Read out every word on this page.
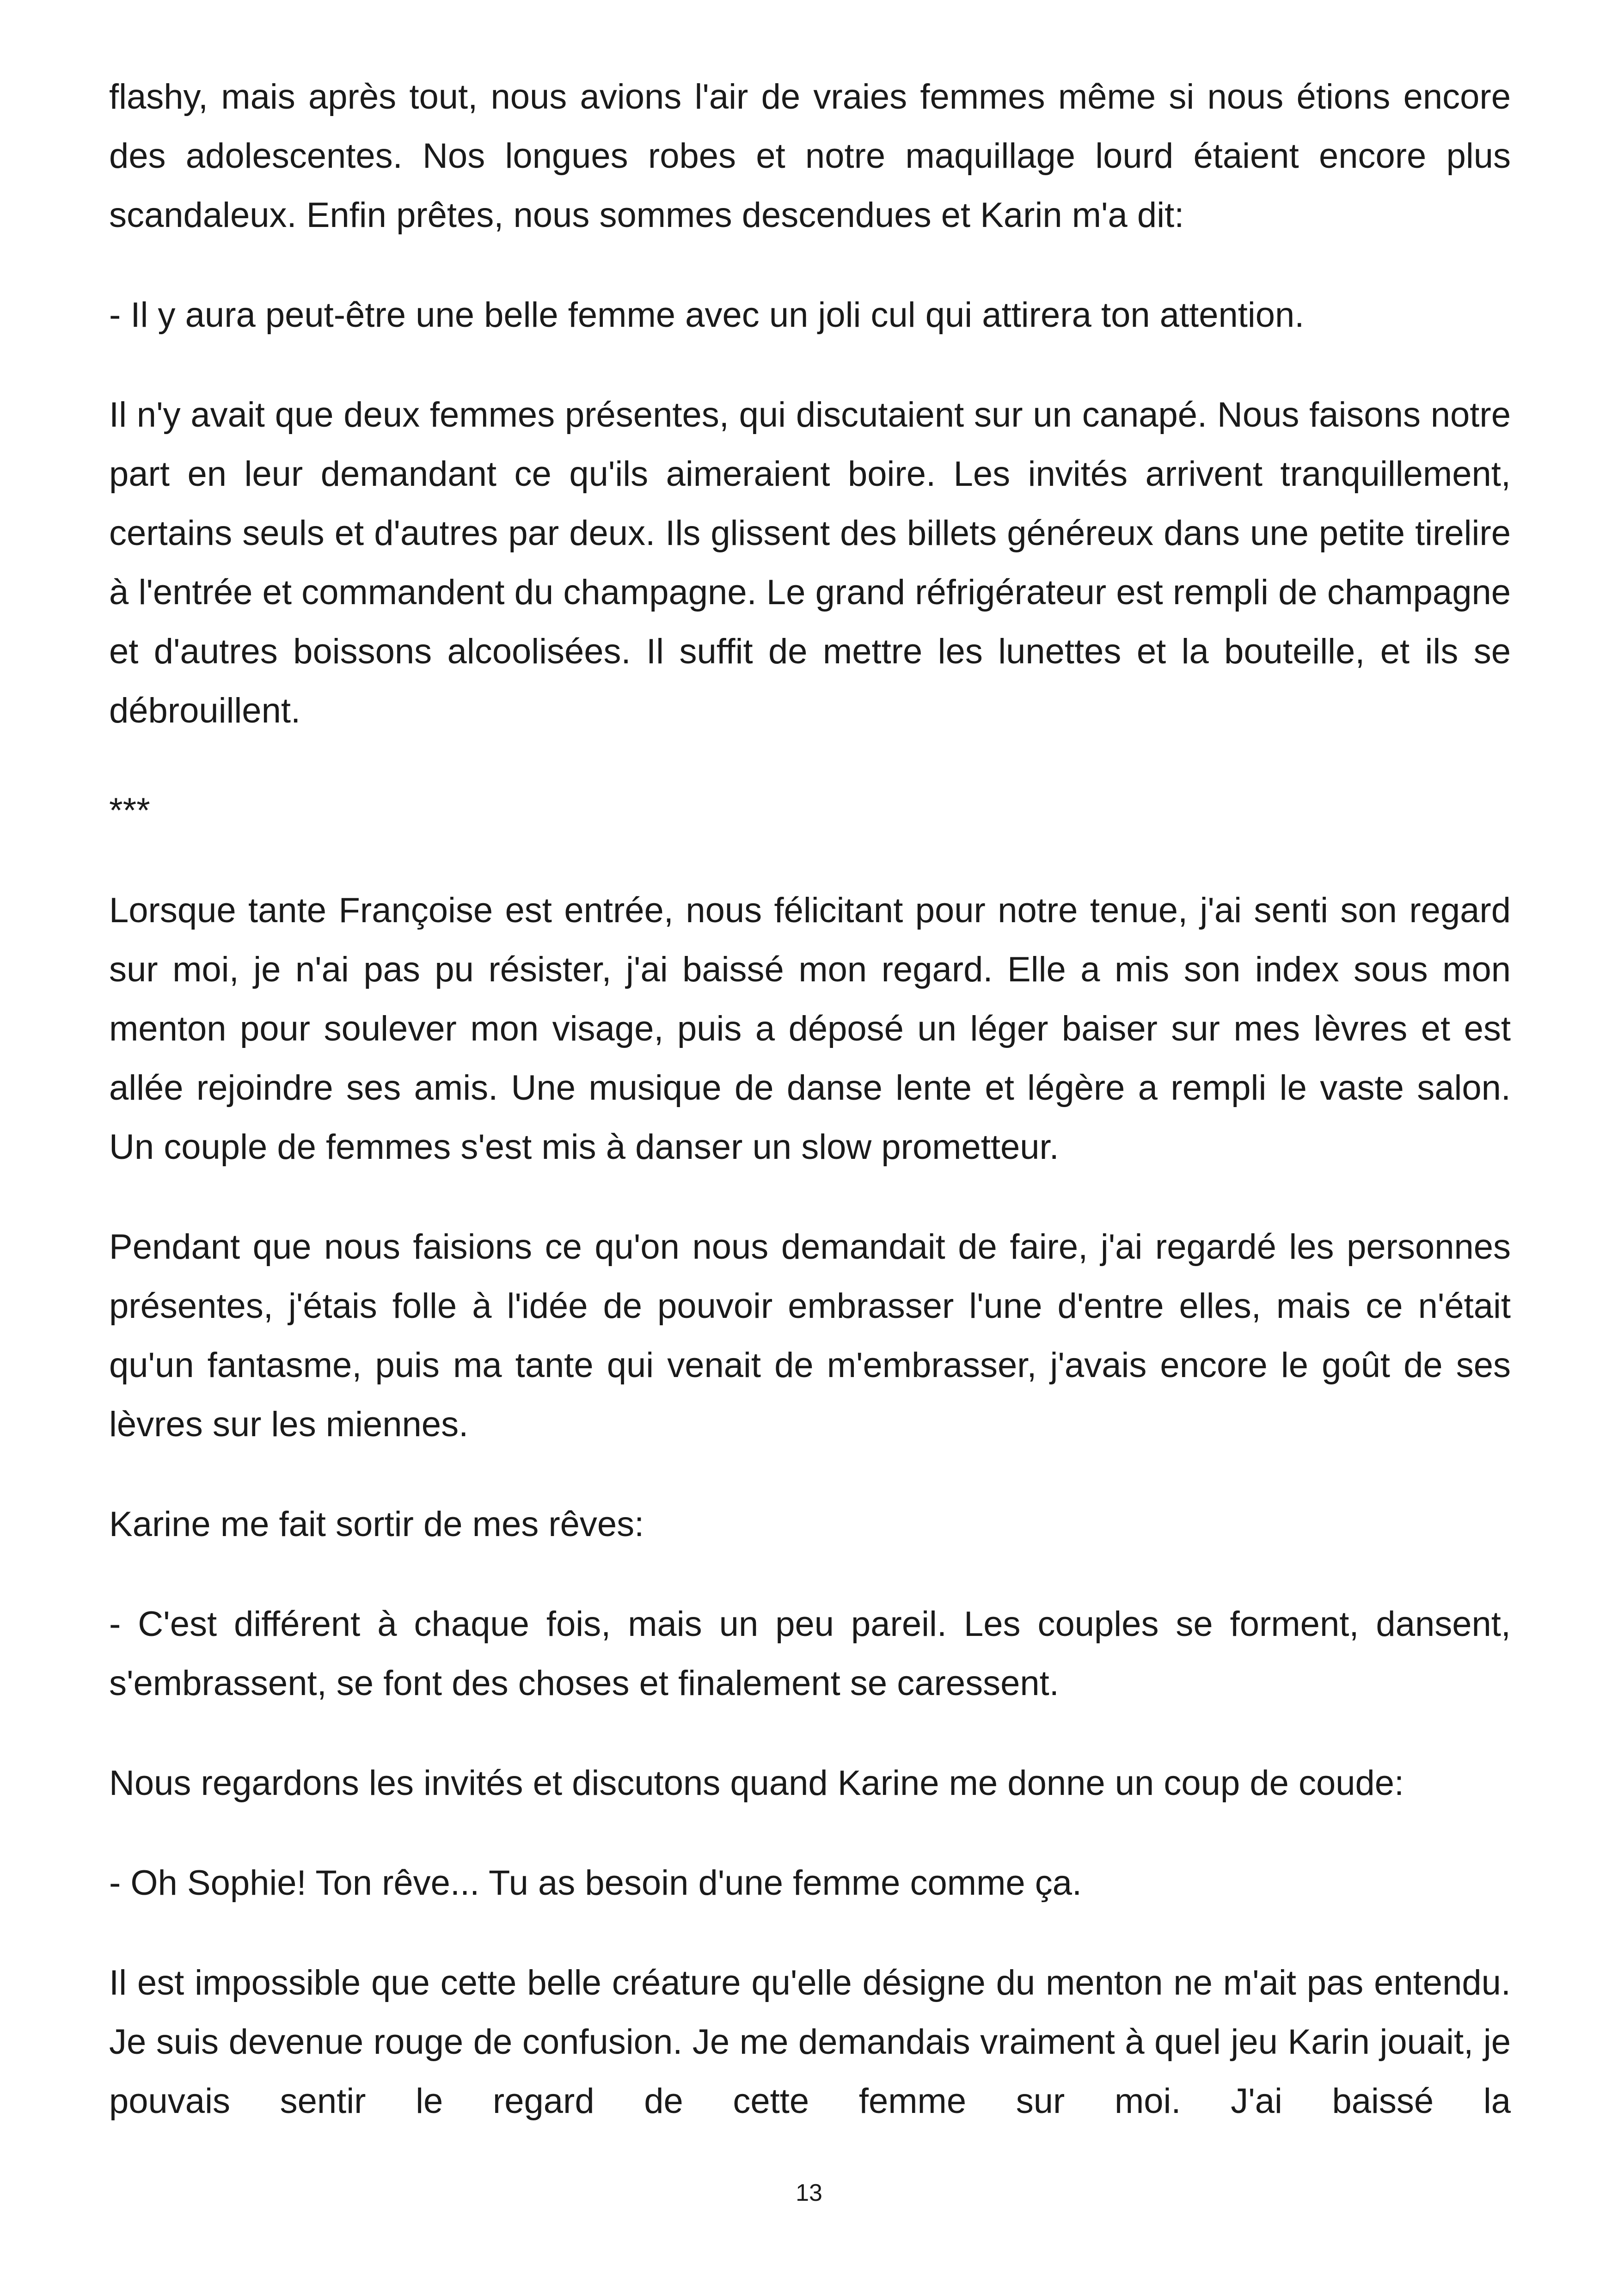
flashy, mais après tout, nous avions l'air de vraies femmes même si nous étions encore des adolescentes. Nos longues robes et notre maquillage lourd étaient encore plus scandaleux. Enfin prêtes, nous sommes descendues et Karin m'a dit:

- Il y aura peut-être une belle femme avec un joli cul qui attirera ton attention.

Il n'y avait que deux femmes présentes, qui discutaient sur un canapé. Nous faisons notre part en leur demandant ce qu'ils aimeraient boire. Les invités arrivent tranquillement, certains seuls et d'autres par deux. Ils glissent des billets généreux dans une petite tirelire à l'entrée et commandent du champagne. Le grand réfrigérateur est rempli de champagne et d'autres boissons alcoolisées. Il suffit de mettre les lunettes et la bouteille, et ils se débrouillent.

***

Lorsque tante Françoise est entrée, nous félicitant pour notre tenue, j'ai senti son regard sur moi, je n'ai pas pu résister, j'ai baissé mon regard. Elle a mis son index sous mon menton pour soulever mon visage, puis a déposé un léger baiser sur mes lèvres et est allée rejoindre ses amis. Une musique de danse lente et légère a rempli le vaste salon. Un couple de femmes s'est mis à danser un slow prometteur.

Pendant que nous faisions ce qu'on nous demandait de faire, j'ai regardé les personnes présentes, j'étais folle à l'idée de pouvoir embrasser l'une d'entre elles, mais ce n'était qu'un fantasme, puis ma tante qui venait de m'embrasser, j'avais encore le goût de ses lèvres sur les miennes.

Karine me fait sortir de mes rêves:

- C'est différent à chaque fois, mais un peu pareil. Les couples se forment, dansent, s'embrassent, se font des choses et finalement se caressent.

Nous regardons les invités et discutons quand Karine me donne un coup de coude:

- Oh Sophie! Ton rêve... Tu as besoin d'une femme comme ça.

Il est impossible que cette belle créature qu'elle désigne du menton ne m'ait pas entendu. Je suis devenue rouge de confusion. Je me demandais vraiment à quel jeu Karin jouait, je pouvais sentir le regard de cette femme sur moi. J'ai baissé la

13
